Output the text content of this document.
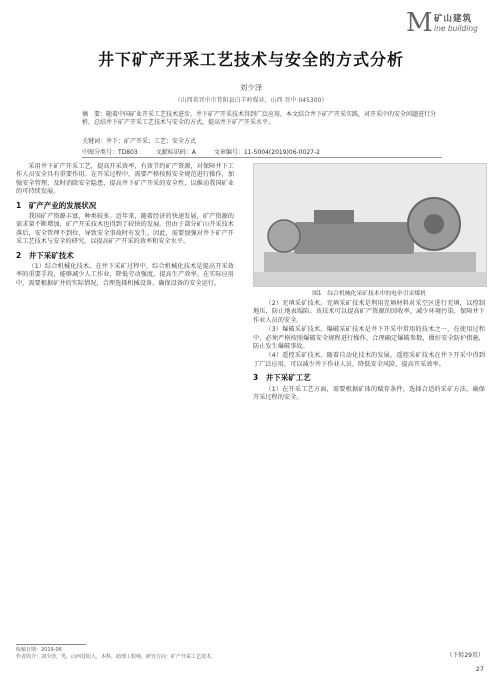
M 矿山建筑
ine building
井下矿产开采工艺技术与安全的方式分析
刘少泽
（山西省晋中市昔阳县白羊岭煤业，山西 晋中 045300）
摘　要：随着中国矿业开采工艺技术进步，井下矿产开采技术得到广泛应用，本文结合井下矿产开采实践，对开采中的安全问题进行分析，总结井下矿产开采工艺技术与安全的方式，提高井下矿产开采水平。
关键词：井下；矿产开采；工艺；安全方式
中图分类号：TD803	文献标识码：A	文章编号：11-5004(2019)06-0027-2

采用井下矿产开采工艺，提高开采效率，有效节约矿产资源，对保障井下工作人员安全具有重要作用。在开采过程中，需要严格按照安全规范进行操作，加强安全管理，及时消除安全隐患，提高井下矿产开采的安全性，以推动我国矿业的可持续发展。

1　矿产产业的发展状况

我国矿产资源丰富，种类较多。近年来，随着经济的快速发展，矿产资源的需求量不断增加，矿产开采技术也得到了较快的发展。但由于部分矿山开采技术落后，安全管理不到位，导致安全事故时有发生。因此，需要加强对井下矿产开采工艺技术与安全的研究，以提高矿产开采的效率和安全水平。

2　井下采矿技术

（1）综合机械化技术。在井下采矿过程中，综合机械化技术是提高开采效率的重要手段，能够减少人工作业，降低劳动强度，提高生产效率。在实际应用中，需要根据矿井的实际情况，合理选择机械设备，确保设备的安全运行。

图1　综合机械化采矿技术中的电牵引采煤机

（2）充填采矿技术。充填采矿技术是利用充填材料对采空区进行充填，以控制地压，防止地表塌陷。该技术可以提高矿产资源的回收率，减少环境污染，保障井下作业人员的安全。

（3）爆破采矿技术。爆破采矿技术是井下开采中常用的技术之一，在使用过程中，必须严格按照爆破安全规程进行操作，合理确定爆破参数，做好安全防护措施，防止发生爆破事故。

（4）遥控采矿技术。随着自动化技术的发展，遥控采矿技术在井下开采中得到了广泛应用，可以减少井下作业人员，降低安全风险，提高开采效率。

3　井下采矿工艺

（1）在开采工艺方面，需要根据矿体的赋存条件，选择合适的采矿方法，确保开采过程的安全。

收稿日期：2019-06
作者简介：刘少泽，男，山西昔阳人，本科，助理工程师，研究方向：矿产开采工艺技术。	（下转29页）
27
